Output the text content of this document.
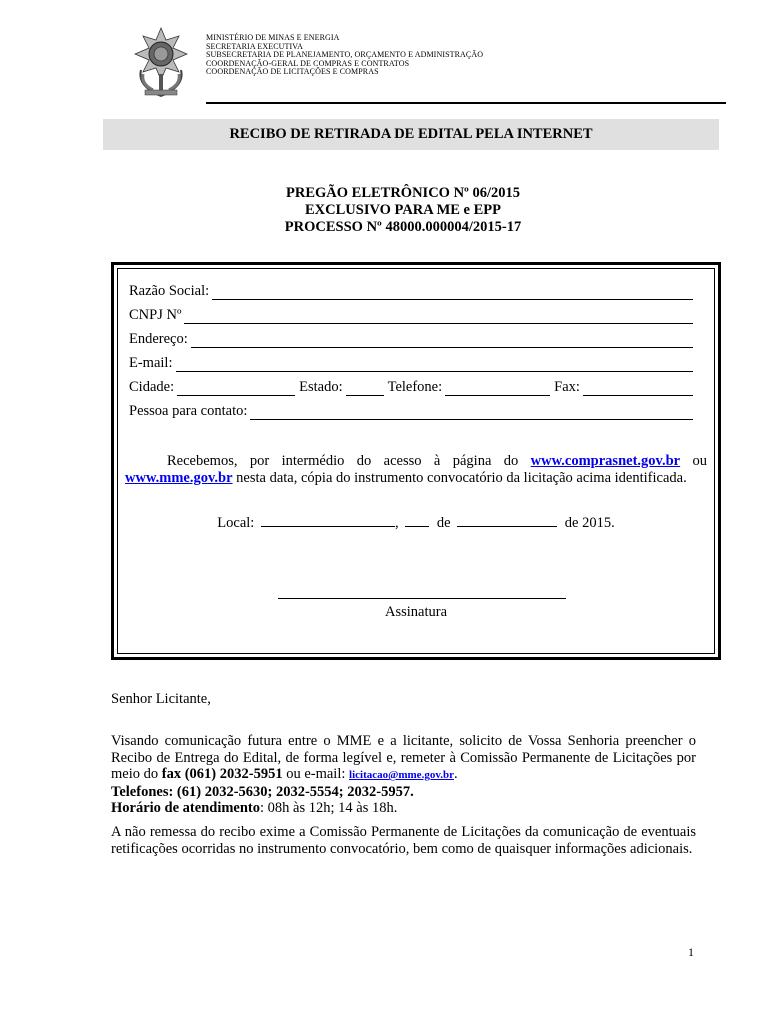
MINISTÉRIO DE MINAS E ENERGIA
SECRETARIA EXECUTIVA
SUBSECRETARIA DE PLANEJAMENTO, ORÇAMENTO E ADMINISTRAÇÃO
COORDENAÇÃO-GERAL DE COMPRAS E CONTRATOS
COORDENAÇÃO DE LICITAÇÕES E COMPRAS
RECIBO DE RETIRADA DE EDITAL PELA INTERNET
PREGÃO ELETRÔNICO Nº 06/2015
EXCLUSIVO PARA ME e EPP
PROCESSO Nº 48000.000004/2015-17
Razão Social:
CNPJ Nº
Endereço:
E-mail:
Cidade:	Estado:	Telefone:	Fax:
Pessoa para contato:
Recebemos, por intermédio do acesso à página do www.comprasnet.gov.br ou www.mme.gov.br nesta data, cópia do instrumento convocatório da licitação acima identificada.
Local:	,	de	de 2015.
Assinatura
Senhor Licitante,
Visando comunicação futura entre o MME e a licitante, solicito de Vossa Senhoria preencher o Recibo de Entrega do Edital, de forma legível e, remeter à Comissão Permanente de Licitações por meio do fax (061) 2032-5951 ou e-mail: licitacao@mme.gov.br.
Telefones: (61) 2032-5630; 2032-5554; 2032-5957.
Horário de atendimento: 08h às 12h; 14 às 18h.
A não remessa do recibo exime a Comissão Permanente de Licitações da comunicação de eventuais retificações ocorridas no instrumento convocatório, bem como de quaisquer informações adicionais.
1
